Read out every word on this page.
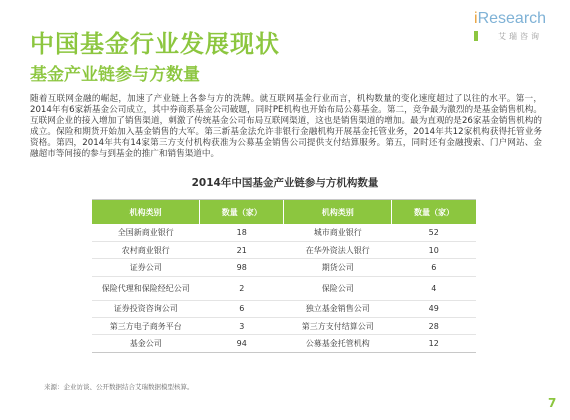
中国基金行业发展现状
基金产业链参与方数量
iResearch
艾瑞咨询
随着互联网金融的崛起，加速了产业链上各参与方的洗牌。就互联网基金行业而言，机构数量的变化速度超过了以往的水平。第一，2014年有6家新基金公司成立，其中券商系基金公司破题，同时PE机构也开始布局公募基金。第二，竞争最为激烈的是基金销售机构。互联网企业的接入增加了销售渠道，刺激了传统基金公司布局互联网渠道，这也是销售渠道的增加。最为直观的是26家基金销售机构的成立。保险和期货开始加入基金销售的大军。第三新基金法允许非银行金融机构开展基金托管业务，2014年共12家机构获得托管业务资格。第四，2014年共有14家第三方支付机构获准为公募基金销售公司提供支付结算服务。第五，同时还有金融搜索、门户网站、金融超市等间接的参与到基金的推广和销售渠道中。
2014年中国基金产业链参与方机构数量
机构类别	数量（家）	机构类别	数量（家）
全国新商业银行	18	城市商业银行	52
农村商业银行	21	在华外资法人银行	10
证券公司	98	期货公司	6
保险代理和保险经纪公司	2	保险公司	4
证券投资咨询公司	6	独立基金销售公司	49
第三方电子商务平台	3	第三方支付结算公司	28
基金公司	94	公募基金托管机构	12
来源：企业访谈、公开数据结合艾瑞数据模型核算。
7
